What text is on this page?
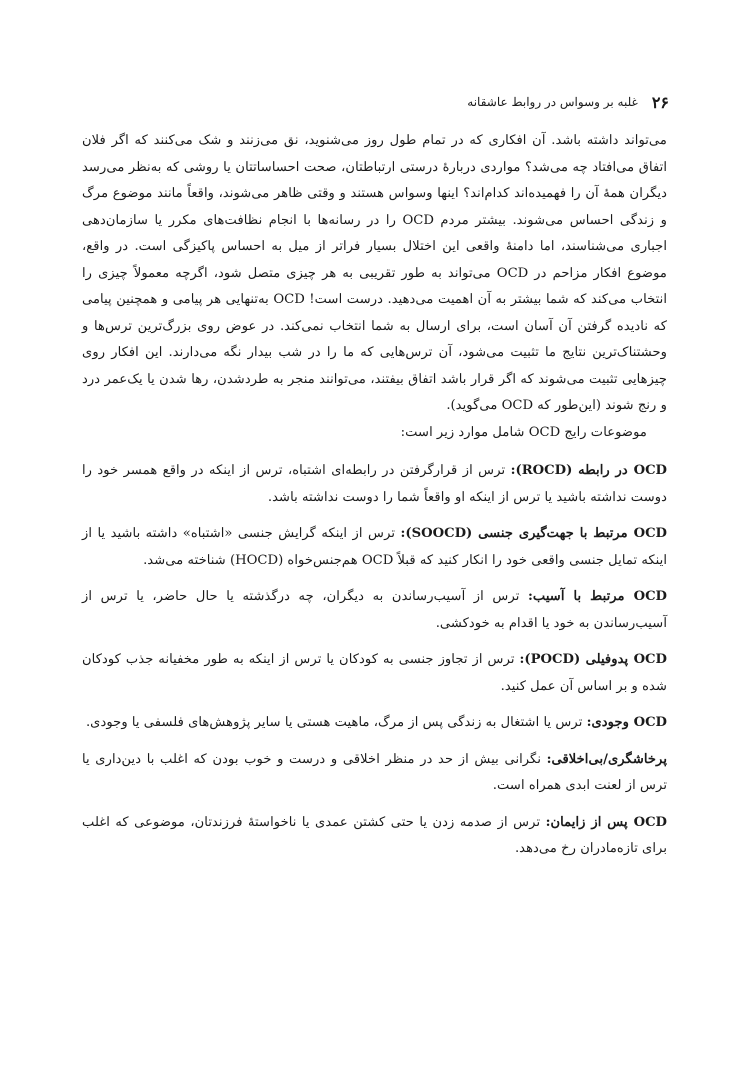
۲۶
غلبه بر وسواس در روابط عاشقانه

می‌تواند داشته باشد. آن افکاری که در تمام طول روز می‌شنوید، نق می‌زنند و شک می‌کنند که اگر فلان اتفاق می‌افتاد چه می‌شد؟ مواردی دربارهٔ درستی ارتباطتان، صحت احساساتتان یا روشی که به‌نظر می‌رسد دیگران همهٔ آن را فهمیده‌اند کدام‌اند؟ اینها وسواس هستند و وقتی ظاهر می‌شوند، واقعاً مانند موضوع مرگ و زندگی احساس می‌شوند. بیشتر مردم OCD را در رسانه‌ها با انجام نظافت‌های مکرر یا سازمان‌دهی اجباری می‌شناسند، اما دامنهٔ واقعی این اختلال بسیار فراتر از میل به احساس پاکیزگی است. در واقع، موضوع افکار مزاحم در OCD می‌تواند به طور تقریبی به هر چیزی متصل شود، اگرچه معمولاً چیزی را انتخاب می‌کند که شما بیشتر به آن اهمیت می‌دهید. درست است! OCD به‌تنهایی هر پیامی و همچنین پیامی که نادیده گرفتن آن آسان است، برای ارسال به شما انتخاب نمی‌کند. در عوض روی بزرگ‌ترین ترس‌ها و وحشتناک‌ترین نتایج ما تثبیت می‌شود، آن ترس‌هایی که ما را در شب بیدار نگه می‌دارند. این افکار روی چیزهایی تثبیت می‌شوند که اگر قرار باشد اتفاق بیفتند، می‌توانند منجر به طردشدن، رها شدن یا یک‌عمر درد و رنج شوند (این‌طور که OCD می‌گوید).

موضوعات رایج OCD شامل موارد زیر است:

OCD در رابطه (ROCD): ترس از قرارگرفتن در رابطه‌ای اشتباه، ترس از اینکه در واقع همسر خود را دوست نداشته باشید یا ترس از اینکه او واقعاً شما را دوست نداشته باشد.

OCD مرتبط با جهت‌گیری جنسی (SOOCD): ترس از اینکه گرایش جنسی «اشتباه» داشته باشید یا از اینکه تمایل جنسی واقعی خود را انکار کنید که قبلاً OCD هم‌جنس‌خواه (HOCD) شناخته می‌شد.

OCD مرتبط با آسیب: ترس از آسیب‌رساندن به دیگران، چه درگذشته یا حال حاضر، یا ترس از آسیب‌رساندن به خود یا اقدام به خودکشی.

OCD پدوفیلی (POCD): ترس از تجاوز جنسی به کودکان یا ترس از اینکه به طور مخفیانه جذب کودکان شده و بر اساس آن عمل کنید.

OCD وجودی: ترس یا اشتغال به زندگی پس از مرگ، ماهیت هستی یا سایر پژوهش‌های فلسفی یا وجودی.

پرخاشگری/بی‌اخلاقی: نگرانی بیش از حد در منظر اخلاقی و درست و خوب بودن که اغلب با دین‌داری یا ترس از لعنت ابدی همراه است.

OCD پس از زایمان: ترس از صدمه زدن یا حتی کشتن عمدی یا ناخواستهٔ فرزندتان، موضوعی که اغلب برای تازه‌مادران رخ می‌دهد.
